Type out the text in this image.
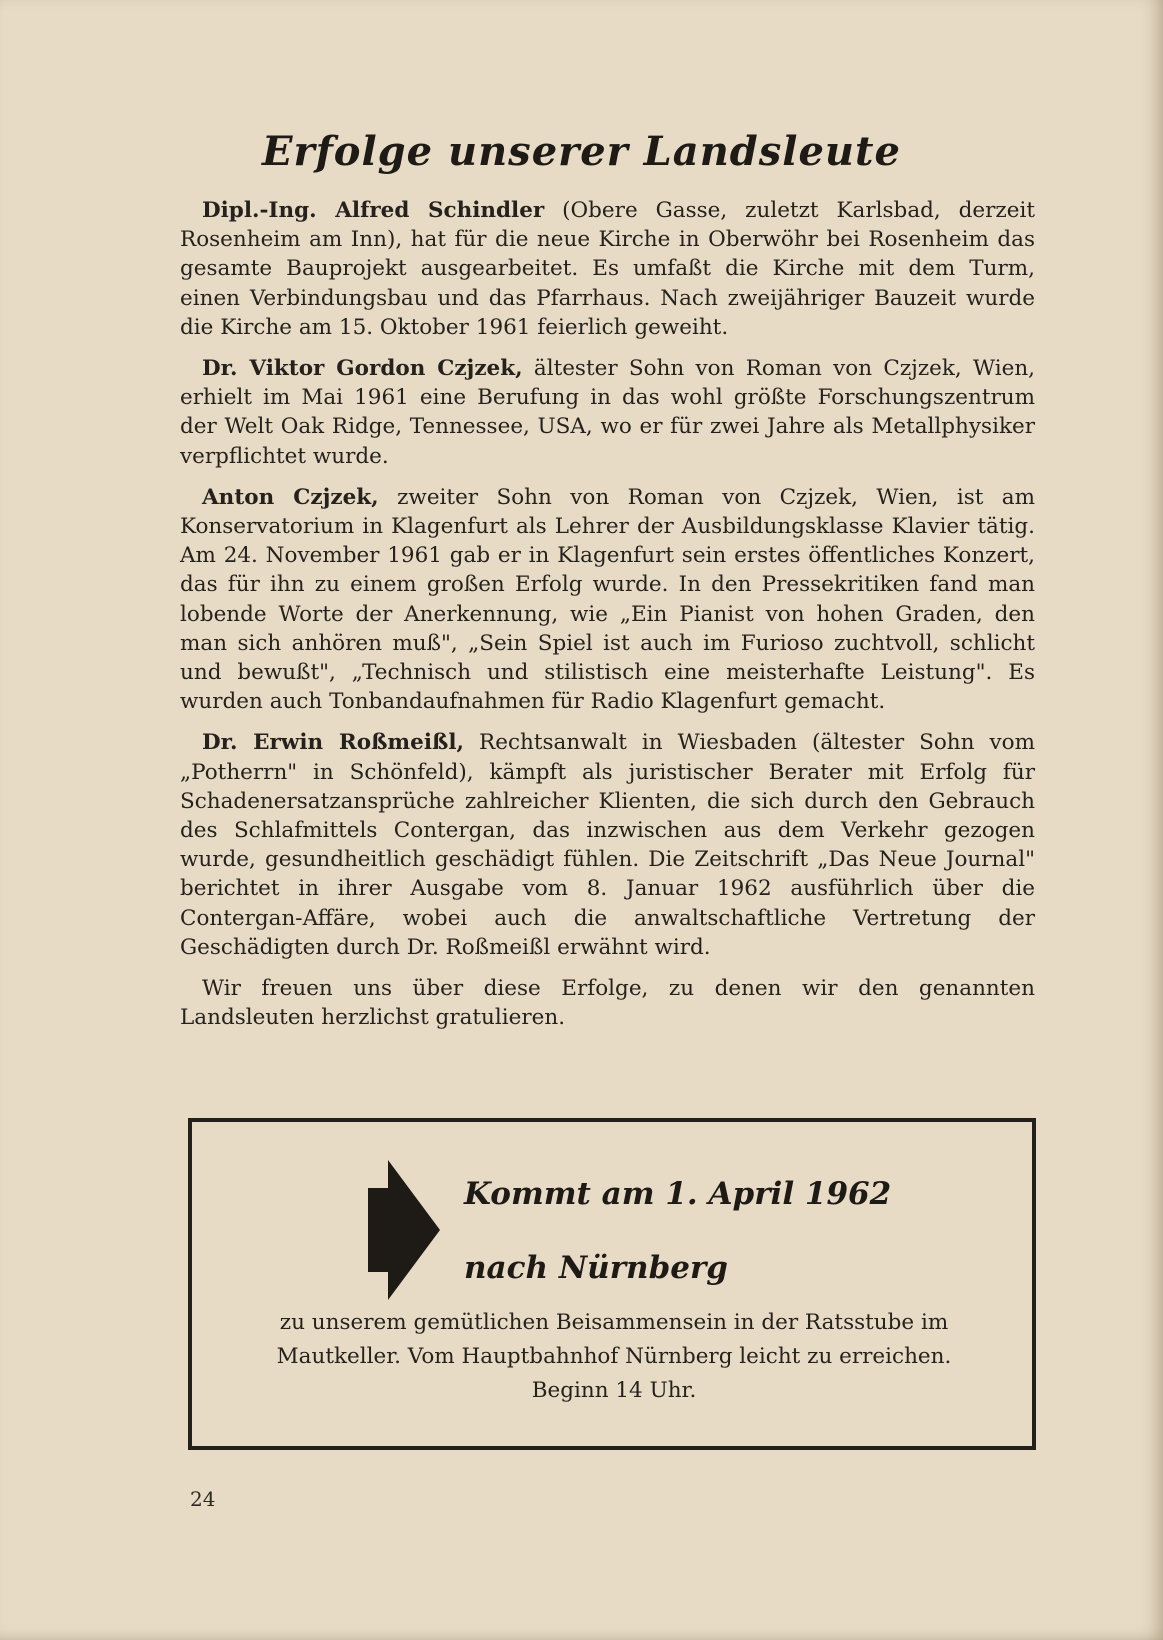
Erfolge unserer Landsleute

Dipl.-Ing. Alfred Schindler (Obere Gasse, zuletzt Karlsbad, derzeit Rosenheim am Inn), hat für die neue Kirche in Oberwöhr bei Rosenheim das gesamte Bauprojekt ausgearbeitet. Es umfaßt die Kirche mit dem Turm, einen Verbindungsbau und das Pfarrhaus. Nach zweijähriger Bauzeit wurde die Kirche am 15. Oktober 1961 feierlich geweiht.

Dr. Viktor Gordon Czjzek, ältester Sohn von Roman von Czjzek, Wien, erhielt im Mai 1961 eine Berufung in das wohl größte Forschungszentrum der Welt Oak Ridge, Tennessee, USA, wo er für zwei Jahre als Metallphysiker verpflichtet wurde.

Anton Czjzek, zweiter Sohn von Roman von Czjzek, Wien, ist am Konservatorium in Klagenfurt als Lehrer der Ausbildungsklasse Klavier tätig. Am 24. November 1961 gab er in Klagenfurt sein erstes öffentliches Konzert, das für ihn zu einem großen Erfolg wurde. In den Pressekritiken fand man lobende Worte der Anerkennung, wie „Ein Pianist von hohen Graden, den man sich anhören muß", „Sein Spiel ist auch im Furioso zuchtvoll, schlicht und bewußt", „Technisch und stilistisch eine meisterhafte Leistung". Es wurden auch Tonbandaufnahmen für Radio Klagenfurt gemacht.

Dr. Erwin Roßmeißl, Rechtsanwalt in Wiesbaden (ältester Sohn vom „Potherrn" in Schönfeld), kämpft als juristischer Berater mit Erfolg für Schadenersatzansprüche zahlreicher Klienten, die sich durch den Gebrauch des Schlafmittels Contergan, das inzwischen aus dem Verkehr gezogen wurde, gesundheitlich geschädigt fühlen. Die Zeitschrift „Das Neue Journal" berichtet in ihrer Ausgabe vom 8. Januar 1962 ausführlich über die Contergan-Affäre, wobei auch die anwaltschaftliche Vertretung der Geschädigten durch Dr. Roßmeißl erwähnt wird.

Wir freuen uns über diese Erfolge, zu denen wir den genannten Landsleuten herzlichst gratulieren.

Kommt am 1. April 1962
nach Nürnberg

zu unserem gemütlichen Beisammensein in der Ratsstube im
Mautkeller. Vom Hauptbahnhof Nürnberg leicht zu erreichen.
Beginn 14 Uhr.

24
